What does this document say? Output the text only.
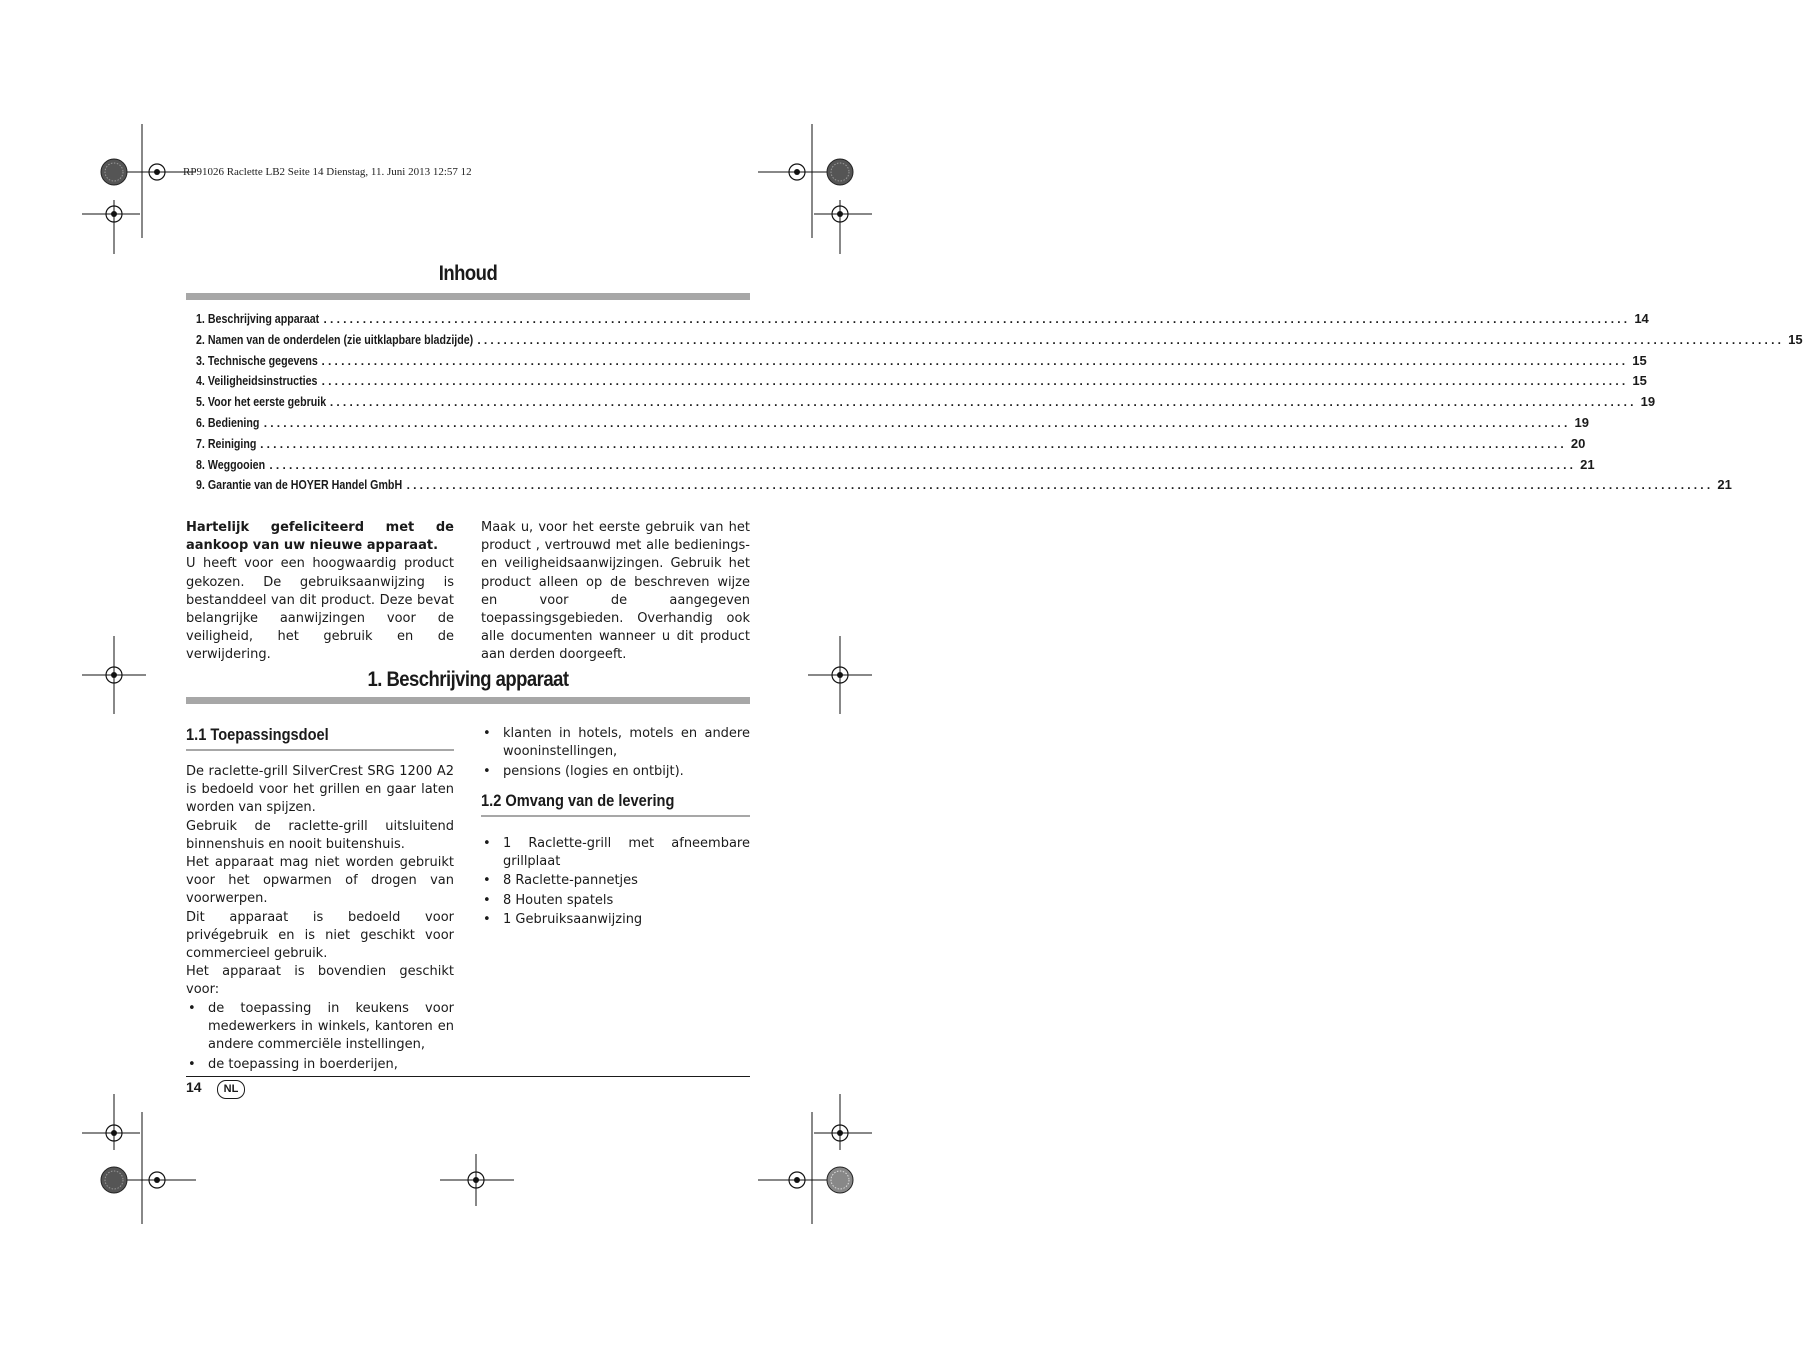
RP91026 Raclette LB2 Seite 14 Dienstag, 11. Juni 2013 12:57 12
Inhoud
1. Beschrijving apparaat ........................................................................................................................................................................................................ 14
2. Namen van de onderdelen (zie uitklapbare bladzijde) ........................................................................................................................................................................................................ 15
3. Technische gegevens ........................................................................................................................................................................................................ 15
4. Veiligheidsinstructies ........................................................................................................................................................................................................ 15
5. Voor het eerste gebruik ........................................................................................................................................................................................................ 19
6. Bediening ........................................................................................................................................................................................................ 19
7. Reiniging ........................................................................................................................................................................................................ 20
8. Weggooien ........................................................................................................................................................................................................ 21
9. Garantie van de HOYER Handel GmbH ........................................................................................................................................................................................................ 21

Hartelijk gefeliciteerd met de aankoop van uw nieuwe apparaat.

U heeft voor een hoogwaardig product gekozen. De gebruiksaanwijzing is bestanddeel van dit product. Deze bevat belangrijke aanwijzingen voor de veiligheid, het gebruik en de verwijdering.

Maak u, voor het eerste gebruik van het product , vertrouwd met alle bedienings- en veiligheidsaanwijzingen. Gebruik het product alleen op de beschreven wijze en voor de aangegeven toepassingsgebieden. Overhandig ook alle documenten wanneer u dit product aan derden doorgeeft.

1. Beschrijving apparaat
1.1 Toepassingsdoel

De raclette-grill SilverCrest SRG 1200 A2 is bedoeld voor het grillen en gaar laten worden van spijzen.

Gebruik de raclette-grill uitsluitend binnenshuis en nooit buitenshuis.

Het apparaat mag niet worden gebruikt voor het opwarmen of drogen van voorwerpen.

Dit apparaat is bedoeld voor privégebruik en is niet geschikt voor commercieel gebruik.

Het apparaat is bovendien geschikt voor:

• de toepassing in keukens voor medewerkers in winkels, kantoren en andere commerciële instellingen,
• de toepassing in boerderijen,
• klanten in hotels, motels en andere wooninstellingen,
• pensions (logies en ontbijt).
1.2 Omvang van de levering
• 1 Raclette-grill met afneembare grillplaat
• 8 Raclette-pannetjes
• 8 Houten spatels
• 1 Gebruiksaanwijzing
14	NL
